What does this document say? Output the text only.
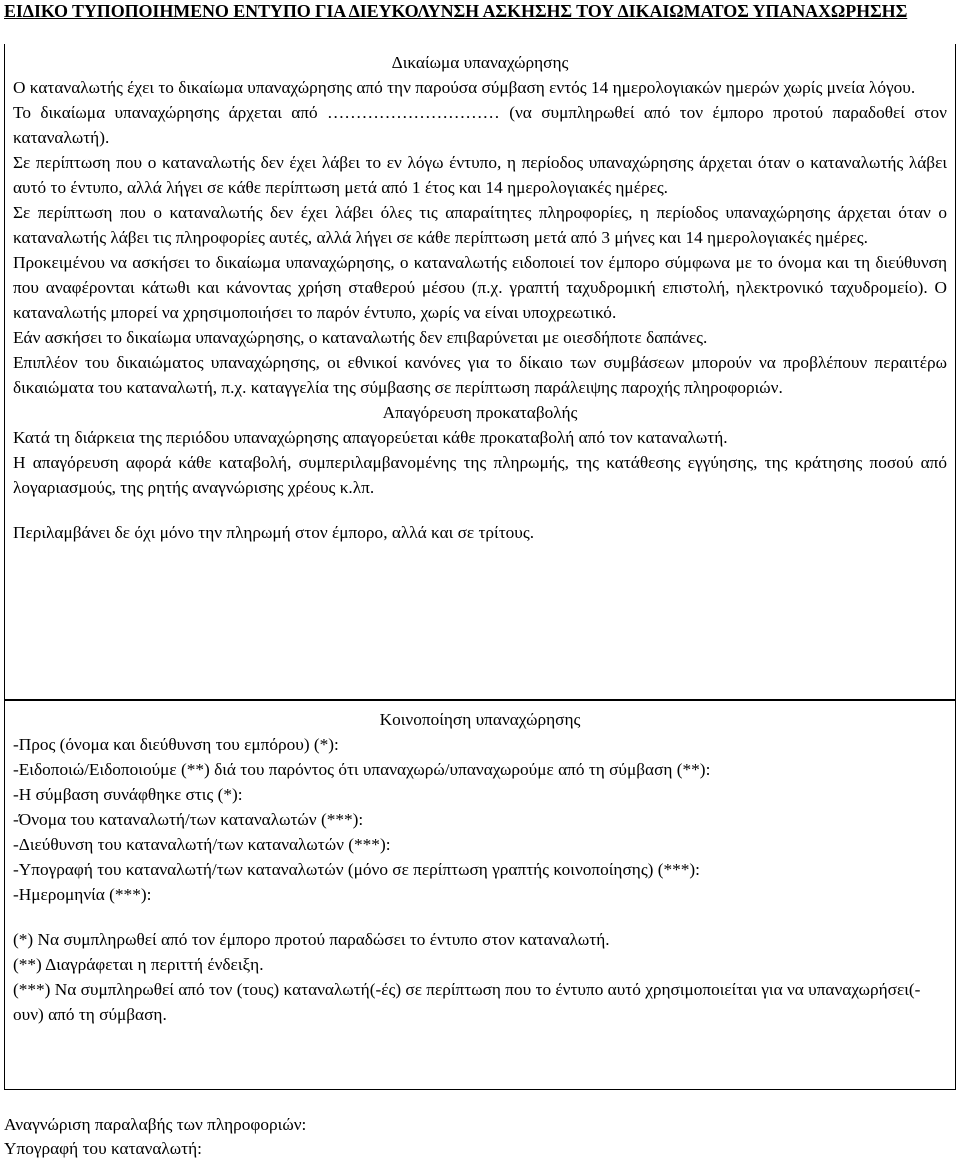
ΕΙΔΙΚΟ ΤΥΠΟΠΟΙΗΜΕΝΟ ΕΝΤΥΠΟ ΓΙΑ ΔΙΕΥΚΟΛΥΝΣΗ ΑΣΚΗΣΗΣ ΤΟΥ ΔΙΚΑΙΩΜΑΤΟΣ ΥΠΑΝΑΧΩΡΗΣΗΣ

Δικαίωμα υπαναχώρησης

Ο καταναλωτής έχει το δικαίωμα υπαναχώρησης από την παρούσα σύμβαση εντός 14 ημερολογιακών ημερών χωρίς μνεία λόγου.

Το δικαίωμα υπαναχώρησης άρχεται από ………………………… (να συμπληρωθεί από τον έμπορο προτού παραδοθεί στον καταναλωτή).

Σε περίπτωση που ο καταναλωτής δεν έχει λάβει το εν λόγω έντυπο, η περίοδος υπαναχώρησης άρχεται όταν ο καταναλωτής λάβει αυτό το έντυπο, αλλά λήγει σε κάθε περίπτωση μετά από 1 έτος και 14 ημερολογιακές ημέρες.

Σε περίπτωση που ο καταναλωτής δεν έχει λάβει όλες τις απαραίτητες πληροφορίες, η περίοδος υπαναχώρησης άρχεται όταν ο καταναλωτής λάβει τις πληροφορίες αυτές, αλλά λήγει σε κάθε περίπτωση μετά από 3 μήνες και 14 ημερολογιακές ημέρες.

Προκειμένου να ασκήσει το δικαίωμα υπαναχώρησης, ο καταναλωτής ειδοποιεί τον έμπορο σύμφωνα με το όνομα και τη διεύθυνση που αναφέρονται κάτωθι και κάνοντας χρήση σταθερού μέσου (π.χ. γραπτή ταχυδρομική επιστολή, ηλεκτρονικό ταχυδρομείο). Ο καταναλωτής μπορεί να χρησιμοποιήσει το παρόν έντυπο, χωρίς να είναι υποχρεωτικό.

Εάν ασκήσει το δικαίωμα υπαναχώρησης, ο καταναλωτής δεν επιβαρύνεται με οιεσδήποτε δαπάνες.

Επιπλέον του δικαιώματος υπαναχώρησης, οι εθνικοί κανόνες για το δίκαιο των συμβάσεων μπορούν να προβλέπουν περαιτέρω δικαιώματα του καταναλωτή, π.χ. καταγγελία της σύμβασης σε περίπτωση παράλειψης παροχής πληροφοριών.

Απαγόρευση προκαταβολής

Κατά τη διάρκεια της περιόδου υπαναχώρησης απαγορεύεται κάθε προκαταβολή από τον καταναλωτή.

Η απαγόρευση αφορά κάθε καταβολή, συμπεριλαμβανομένης της πληρωμής, της κατάθεσης εγγύησης, της κράτησης ποσού από λογαριασμούς, της ρητής αναγνώρισης χρέους κ.λπ.

Περιλαμβάνει δε όχι μόνο την πληρωμή στον έμπορο, αλλά και σε τρίτους.

Κοινοποίηση υπαναχώρησης

-Προς (όνομα και διεύθυνση του εμπόρου) (*):

-Ειδοποιώ/Ειδοποιούμε (**) διά του παρόντος ότι υπαναχωρώ/υπαναχωρούμε από τη σύμβαση (**):

-Η σύμβαση συνάφθηκε στις (*):

-Όνομα του καταναλωτή/των καταναλωτών (***):

-Διεύθυνση του καταναλωτή/των καταναλωτών (***):

-Υπογραφή του καταναλωτή/των καταναλωτών (μόνο σε περίπτωση γραπτής κοινοποίησης) (***):

-Ημερομηνία (***):

(*) Να συμπληρωθεί από τον έμπορο προτού παραδώσει το έντυπο στον καταναλωτή.

(**) Διαγράφεται η περιττή ένδειξη.

(***) Να συμπληρωθεί από τον (τους) καταναλωτή(-ές) σε περίπτωση που το έντυπο αυτό χρησιμοποιείται για να υπαναχωρήσει(-ουν) από τη σύμβαση.

Αναγνώριση παραλαβής των πληροφοριών:

Υπογραφή του καταναλωτή:
